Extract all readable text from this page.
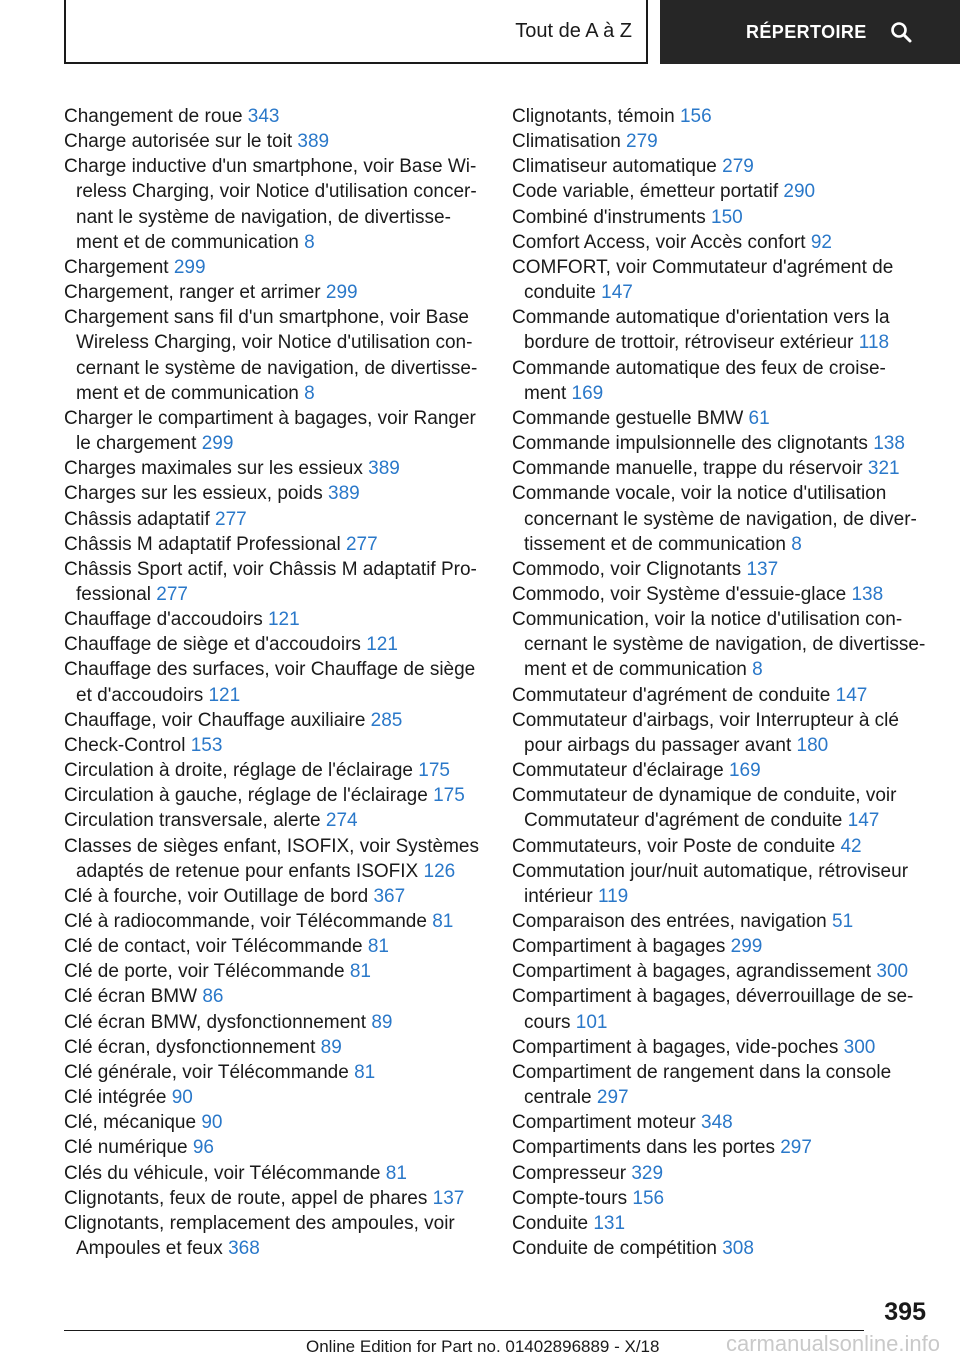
Tout de A à Z	RÉPERTOIRE
Changement de roue 343
Charge autorisée sur le toit 389
Charge inductive d'un smartphone, voir Base Wi-
reless Charging, voir Notice d'utilisation concer-
nant le système de navigation, de divertisse-
ment et de communication 8
Chargement 299
Chargement, ranger et arrimer 299
Chargement sans fil d'un smartphone, voir Base
Wireless Charging, voir Notice d'utilisation con-
cernant le système de navigation, de divertisse-
ment et de communication 8
Charger le compartiment à bagages, voir Ranger
le chargement 299
Charges maximales sur les essieux 389
Charges sur les essieux, poids 389
Châssis adaptatif 277
Châssis M adaptatif Professional 277
Châssis Sport actif, voir Châssis M adaptatif Pro-
fessional 277
Chauffage d'accoudoirs 121
Chauffage de siège et d'accoudoirs 121
Chauffage des surfaces, voir Chauffage de siège
et d'accoudoirs 121
Chauffage, voir Chauffage auxiliaire 285
Check-Control 153
Circulation à droite, réglage de l'éclairage 175
Circulation à gauche, réglage de l'éclairage 175
Circulation transversale, alerte 274
Classes de sièges enfant, ISOFIX, voir Systèmes
adaptés de retenue pour enfants ISOFIX 126
Clé à fourche, voir Outillage de bord 367
Clé à radiocommande, voir Télécommande 81
Clé de contact, voir Télécommande 81
Clé de porte, voir Télécommande 81
Clé écran BMW 86
Clé écran BMW, dysfonctionnement 89
Clé écran, dysfonctionnement 89
Clé générale, voir Télécommande 81
Clé intégrée 90
Clé, mécanique 90
Clé numérique 96
Clés du véhicule, voir Télécommande 81
Clignotants, feux de route, appel de phares 137
Clignotants, remplacement des ampoules, voir
Ampoules et feux 368
Clignotants, témoin 156
Climatisation 279
Climatiseur automatique 279
Code variable, émetteur portatif 290
Combiné d'instruments 150
Comfort Access, voir Accès confort 92
COMFORT, voir Commutateur d'agrément de
conduite 147
Commande automatique d'orientation vers la
bordure de trottoir, rétroviseur extérieur 118
Commande automatique des feux de croise-
ment 169
Commande gestuelle BMW 61
Commande impulsionnelle des clignotants 138
Commande manuelle, trappe du réservoir 321
Commande vocale, voir la notice d'utilisation
concernant le système de navigation, de diver-
tissement et de communication 8
Commodo, voir Clignotants 137
Commodo, voir Système d'essuie-glace 138
Communication, voir la notice d'utilisation con-
cernant le système de navigation, de divertisse-
ment et de communication 8
Commutateur d'agrément de conduite 147
Commutateur d'airbags, voir Interrupteur à clé
pour airbags du passager avant 180
Commutateur d'éclairage 169
Commutateur de dynamique de conduite, voir
Commutateur d'agrément de conduite 147
Commutateurs, voir Poste de conduite 42
Commutation jour/nuit automatique, rétroviseur
intérieur 119
Comparaison des entrées, navigation 51
Compartiment à bagages 299
Compartiment à bagages, agrandissement 300
Compartiment à bagages, déverrouillage de se-
cours 101
Compartiment à bagages, vide-poches 300
Compartiment de rangement dans la console
centrale 297
Compartiment moteur 348
Compartiments dans les portes 297
Compresseur 329
Compte-tours 156
Conduite 131
Conduite de compétition 308
395
Online Edition for Part no. 01402896889 - X/18	carmanualsonline.info
